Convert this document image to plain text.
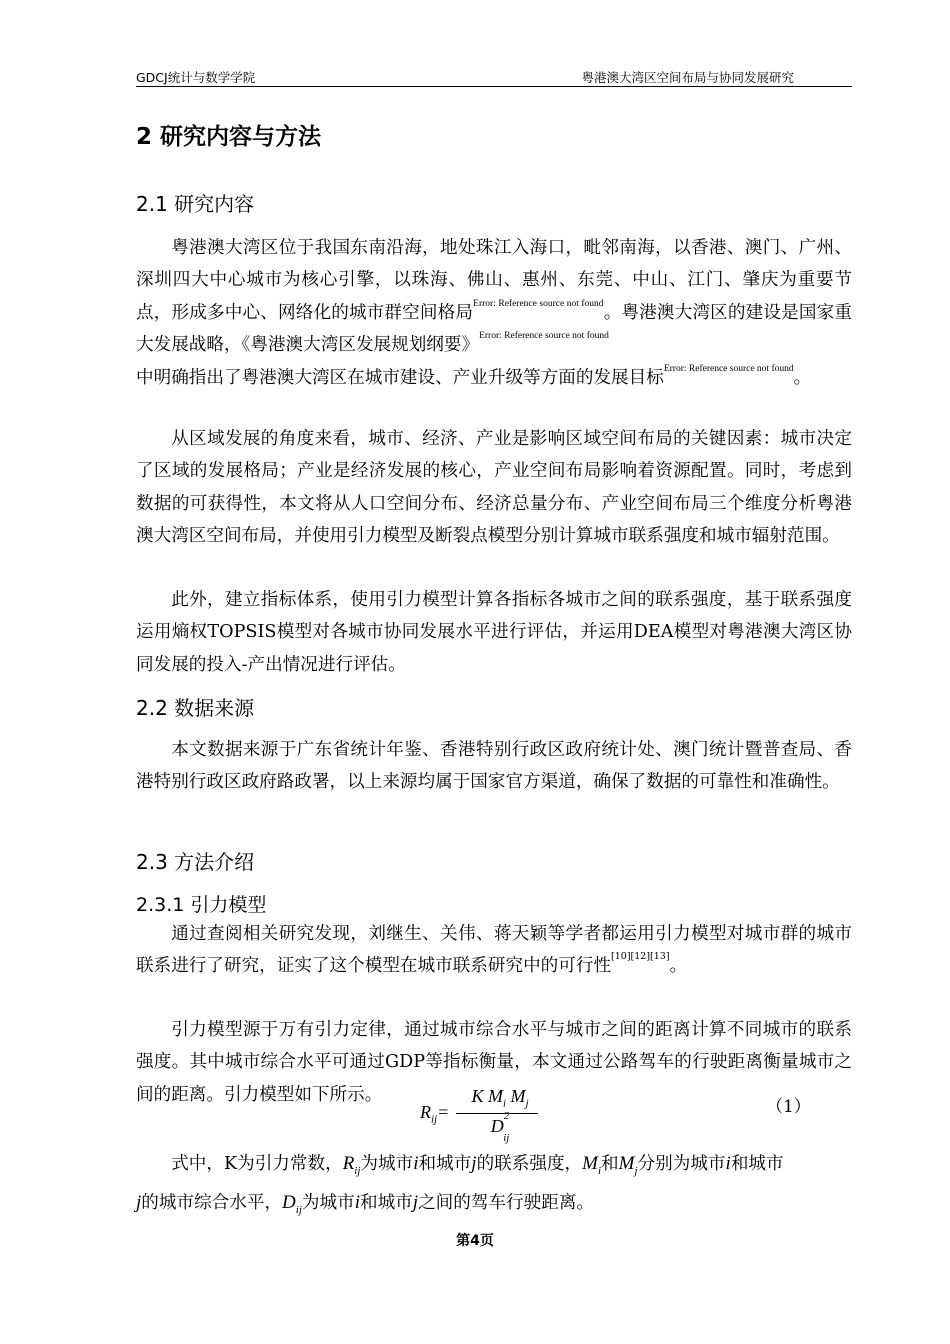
GDCJ统计与数学学院	粤港澳大湾区空间布局与协同发展研究
2 研究内容与方法
2.1 研究内容

粤港澳大湾区位于我国东南沿海，地处珠江入海口，毗邻南海，以香港、澳门、广州、深圳四大中心城市为核心引擎，以珠海、佛山、惠州、东莞、中山、江门、肇庆为重要节点，形成多中心、网络化的城市群空间格局$^{Error: Reference source not found}$。粤港澳大湾区的建设是国家重大发展战略，《粤港澳大湾区发展规划纲要》$^{Error: Reference source not found}$
中明确指出了粤港澳大湾区在城市建设、产业升级等方面的发展目标$^{Error: Reference source not found}$。

从区域发展的角度来看，城市、经济、产业是影响区域空间布局的关键因素：城市决定了区域的发展格局；产业是经济发展的核心，产业空间布局影响着资源配置。同时，考虑到数据的可获得性，本文将从人口空间分布、经济总量分布、产业空间布局三个维度分析粤港澳大湾区空间布局，并使用引力模型及断裂点模型分别计算城市联系强度和城市辐射范围。

此外，建立指标体系，使用引力模型计算各指标各城市之间的联系强度，基于联系强度运用熵权TOPSIS模型对各城市协同发展水平进行评估，并运用DEA模型对粤港澳大湾区协同发展的投入-产出情况进行评估。

2.2 数据来源

本文数据来源于广东省统计年鉴、香港特别行政区政府统计处、澳门统计暨普查局、香港特别行政区政府路政署，以上来源均属于国家官方渠道，确保了数据的可靠性和准确性。

2.3 方法介绍
2.3.1 引力模型

通过查阅相关研究发现，刘继生、关伟、蒋天颖等学者都运用引力模型对城市群的城市联系进行了研究，证实了这个模型在城市联系研究中的可行性[10][12][13]。

引力模型源于万有引力定律，通过城市综合水平与城市之间的距离计算不同城市的联系强度。其中城市综合水平可通过GDP等指标衡量，本文通过公路驾车的行驶距离衡量城市之间的距离。引力模型如下所示。

$R_{ij}=$
K $M_i$ $M_j$
$D^2_{ij}$
（1）

式中，K为引力常数，$R_{ij}$为城市i和城市j的联系强度，$M_i$和$M_j$分别为城市i和城市
j的城市综合水平，$D_{ij}$为城市i和城市j之间的驾车行驶距离。

第4页
